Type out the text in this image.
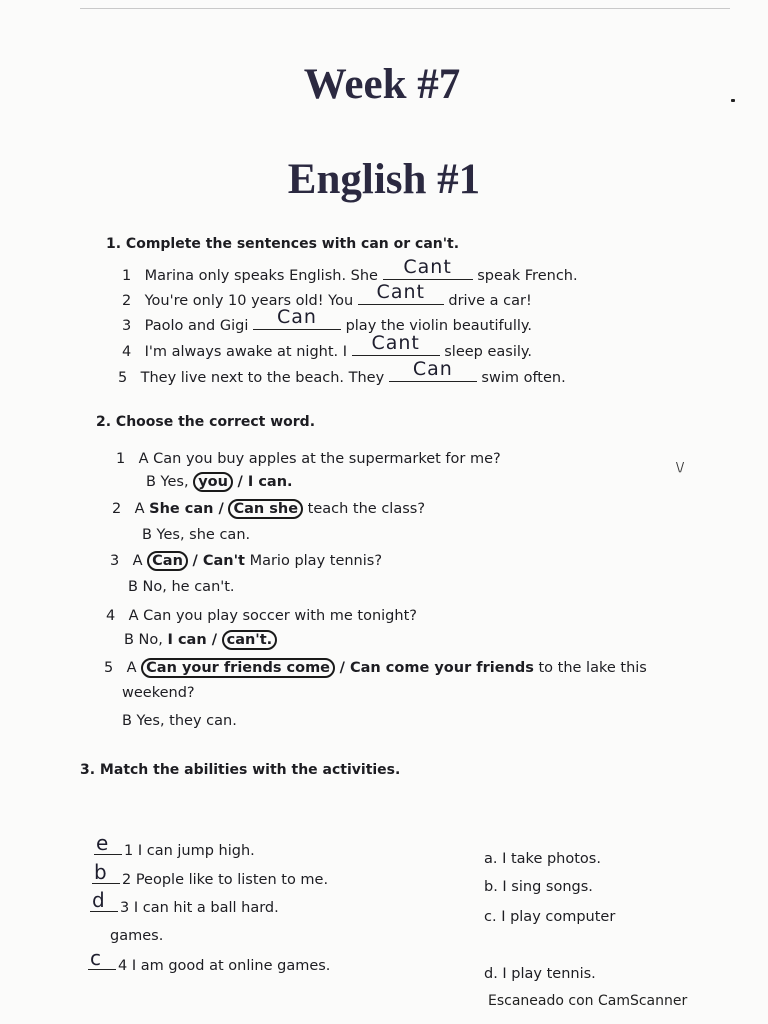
\/
Week #7
English #1
1. Complete the sentences with can or can't.
1 Marina only speaks English. She	Cant	speak French.
2 You're only 10 years old! You	Cant	drive a car!
3 Paolo and Gigi	Can	play the violin beautifully.
4 I'm always awake at night. I	Cant	sleep easily.
5 They live next to the beach. They	Can	swim often.
2. Choose the correct word.
1 A Can you buy apples at the supermarket for me?
B Yes, you / I can.
2 A She can / Can she teach the class?
B Yes, she can.
3 A Can / Can't Mario play tennis?
B No, he can't.
4 A Can you play soccer with me tonight?
B No, I can / can't.
5 A Can your friends come / Can come your friends to the lake this
weekend?
B Yes, they can.
3. Match the abilities with the activities.
e 1 I can jump high.
b 2 People like to listen to me.
d 3 I can hit a ball hard.
games.
c 4 I am good at online games.
a. I take photos.
b. I sing songs.
c. I play computer
d. I play tennis.
Escaneado con CamScanner
